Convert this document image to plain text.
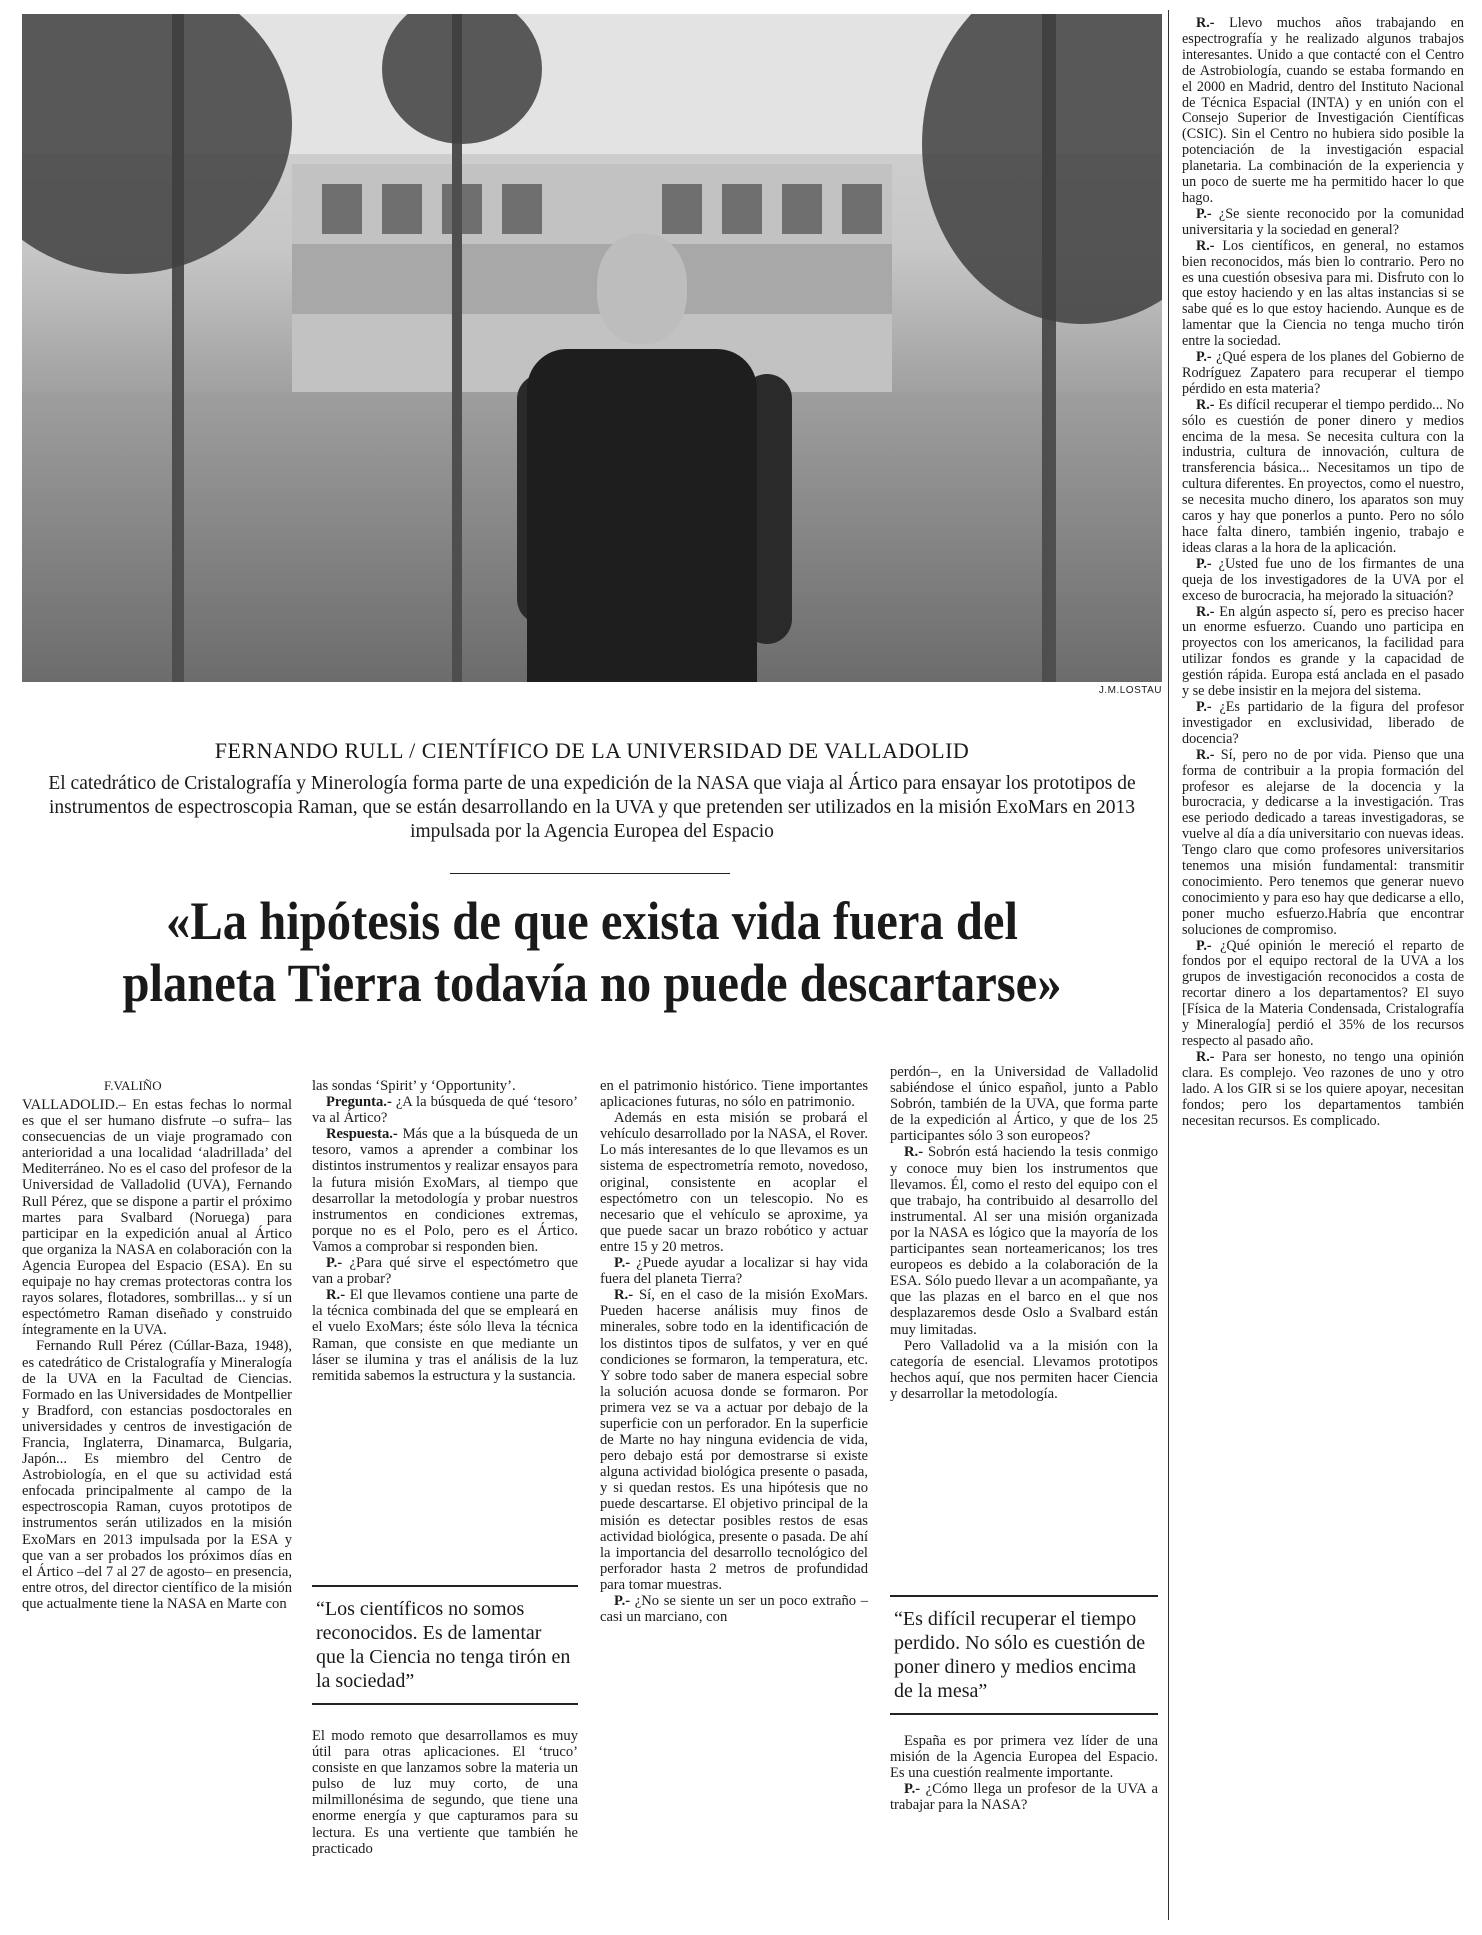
J.M.LOSTAU
FERNANDO RULL / CIENTÍFICO DE LA UNIVERSIDAD DE VALLADOLID
El catedrático de Cristalografía y Minerología forma parte de una expedición de la NASA que viaja al Ártico para ensayar los prototipos de instrumentos de espectroscopia Raman, que se están desarrollando en la UVA y que pretenden ser utilizados en la misión ExoMars en 2013 impulsada por la Agencia Europea del Espacio
«La hipótesis de que exista vida fuera del
planeta Tierra todavía no puede descartarse»
F.VALIÑO

VALLADOLID.– En estas fechas lo normal es que el ser humano disfrute –o sufra– las consecuencias de un viaje programado con anterioridad a una localidad ‘aladrillada’ del Mediterráneo. No es el caso del profesor de la Universidad de Valladolid (UVA), Fernando Rull Pérez, que se dispone a partir el próximo martes para Svalbard (Noruega) para participar en la expedición anual al Ártico que organiza la NASA en colaboración con la Agencia Europea del Espacio (ESA). En su equipaje no hay cremas protectoras contra los rayos solares, flotadores, sombrillas... y sí un espectómetro Raman diseñado y construido íntegramente en la UVA.

Fernando Rull Pérez (Cúllar-Baza, 1948), es catedrático de Cristalografía y Mineralogía de la UVA en la Facultad de Ciencias. Formado en las Universidades de Montpellier y Bradford, con estancias posdoctorales en universidades y centros de investigación de Francia, Inglaterra, Dinamarca, Bulgaria, Japón... Es miembro del Centro de Astrobiología, en el que su actividad está enfocada principalmente al campo de la espectroscopia Raman, cuyos prototipos de instrumentos serán utilizados en la misión ExoMars en 2013 impulsada por la ESA y que van a ser probados los próximos días en el Ártico –del 7 al 27 de agosto– en presencia, entre otros, del director científico de la misión que actualmente tiene la NASA en Marte con

las sondas ‘Spirit’ y ‘Opportunity’.

Pregunta.- ¿A la búsqueda de qué ‘tesoro’ va al Ártico?

Respuesta.- Más que a la búsqueda de un tesoro, vamos a aprender a combinar los distintos instrumentos y realizar ensayos para la futura misión ExoMars, al tiempo que desarrollar la metodología y probar nuestros instrumentos en condiciones extremas, porque no es el Polo, pero es el Ártico. Vamos a comprobar si responden bien.

P.- ¿Para qué sirve el espectómetro que van a probar?

R.- El que llevamos contiene una parte de la técnica combinada del que se empleará en el vuelo ExoMars; éste sólo lleva la técnica Raman, que consiste en que mediante un láser se ilumina y tras el análisis de la luz remitida sabemos la estructura y la sustancia.

“Los científicos no somos reconocidos. Es de lamentar que la Ciencia no tenga tirón en la sociedad”

El modo remoto que desarrollamos es muy útil para otras aplicaciones. El ‘truco’ consiste en que lanzamos sobre la materia un pulso de luz muy corto, de una milmillonésima de segundo, que tiene una enorme energía y que capturamos para su lectura. Es una vertiente que también he practicado

en el patrimonio histórico. Tiene importantes aplicaciones futuras, no sólo en patrimonio.

Además en esta misión se probará el vehículo desarrollado por la NASA, el Rover. Lo más interesantes de lo que llevamos es un sistema de espectrometría remoto, novedoso, original, consistente en acoplar el espectómetro con un telescopio. No es necesario que el vehículo se aproxime, ya que puede sacar un brazo robótico y actuar entre 15 y 20 metros.

P.- ¿Puede ayudar a localizar si hay vida fuera del planeta Tierra?

R.- Sí, en el caso de la misión ExoMars. Pueden hacerse análisis muy finos de minerales, sobre todo en la identificación de los distintos tipos de sulfatos, y ver en qué condiciones se formaron, la temperatura, etc. Y sobre todo saber de manera especial sobre la solución acuosa donde se formaron. Por primera vez se va a actuar por debajo de la superficie con un perforador. En la superficie de Marte no hay ninguna evidencia de vida, pero debajo está por demostrarse si existe alguna actividad biológica presente o pasada, y si quedan restos. Es una hipótesis que no puede descartarse. El objetivo principal de la misión es detectar posibles restos de esas actividad biológica, presente o pasada. De ahí la importancia del desarrollo tecnológico del perforador hasta 2 metros de profundidad para tomar muestras.

P.- ¿No se siente un ser un poco extraño –casi un marciano, con

perdón–, en la Universidad de Valladolid sabiéndose el único español, junto a Pablo Sobrón, también de la UVA, que forma parte de la expedición al Ártico, y que de los 25 participantes sólo 3 son europeos?

R.- Sobrón está haciendo la tesis conmigo y conoce muy bien los instrumentos que llevamos. Él, como el resto del equipo con el que trabajo, ha contribuido al desarrollo del instrumental. Al ser una misión organizada por la NASA es lógico que la mayoría de los participantes sean norteamericanos; los tres europeos es debido a la colaboración de la ESA. Sólo puedo llevar a un acompañante, ya que las plazas en el barco en el que nos desplazaremos desde Oslo a Svalbard están muy limitadas.

Pero Valladolid va a la misión con la categoría de esencial. Llevamos prototipos hechos aquí, que nos permiten hacer Ciencia y desarrollar la metodología.

“Es difícil recuperar el tiempo perdido. No sólo es cuestión de poner dinero y medios encima de la mesa”

España es por primera vez líder de una misión de la Agencia Europea del Espacio. Es una cuestión realmente importante.

P.- ¿Cómo llega un profesor de la UVA a trabajar para la NASA?

R.- Llevo muchos años trabajando en espectrografía y he realizado algunos trabajos interesantes. Unido a que contacté con el Centro de Astrobiología, cuando se estaba formando en el 2000 en Madrid, dentro del Instituto Nacional de Técnica Espacial (INTA) y en unión con el Consejo Superior de Investigación Científicas (CSIC). Sin el Centro no hubiera sido posible la potenciación de la investigación espacial planetaria. La combinación de la experiencia y un poco de suerte me ha permitido hacer lo que hago.

P.- ¿Se siente reconocido por la comunidad universitaria y la sociedad en general?

R.- Los científicos, en general, no estamos bien reconocidos, más bien lo contrario. Pero no es una cuestión obsesiva para mi. Disfruto con lo que estoy haciendo y en las altas instancias si se sabe qué es lo que estoy haciendo. Aunque es de lamentar que la Ciencia no tenga mucho tirón entre la sociedad.

P.- ¿Qué espera de los planes del Gobierno de Rodríguez Zapatero para recuperar el tiempo pérdido en esta materia?

R.- Es difícil recuperar el tiempo perdido... No sólo es cuestión de poner dinero y medios encima de la mesa. Se necesita cultura con la industria, cultura de innovación, cultura de transferencia básica... Necesitamos un tipo de cultura diferentes. En proyectos, como el nuestro, se necesita mucho dinero, los aparatos son muy caros y hay que ponerlos a punto. Pero no sólo hace falta dinero, también ingenio, trabajo e ideas claras a la hora de la aplicación.

P.- ¿Usted fue uno de los firmantes de una queja de los investigadores de la UVA por el exceso de burocracia, ha mejorado la situación?

R.- En algún aspecto sí, pero es preciso hacer un enorme esfuerzo. Cuando uno participa en proyectos con los americanos, la facilidad para utilizar fondos es grande y la capacidad de gestión rápida. Europa está anclada en el pasado y se debe insistir en la mejora del sistema.

P.- ¿Es partidario de la figura del profesor investigador en exclusividad, liberado de docencia?

R.- Sí, pero no de por vida. Pienso que una forma de contribuir a la propia formación del profesor es alejarse de la docencia y la burocracia, y dedicarse a la investigación. Tras ese periodo dedicado a tareas investigadoras, se vuelve al día a día universitario con nuevas ideas. Tengo claro que como profesores universitarios tenemos una misión fundamental: transmitir conocimiento. Pero tenemos que generar nuevo conocimiento y para eso hay que dedicarse a ello, poner mucho esfuerzo.Habría que encontrar soluciones de compromiso.

P.- ¿Qué opinión le mereció el reparto de fondos por el equipo rectoral de la UVA a los grupos de investigación reconocidos a costa de recortar dinero a los departamentos? El suyo [Física de la Materia Condensada, Cristalografía y Mineralogía] perdió el 35% de los recursos respecto al pasado año.

R.- Para ser honesto, no tengo una opinión clara. Es complejo. Veo razones de uno y otro lado. A los GIR si se los quiere apoyar, necesitan fondos; pero los departamentos también necesitan recursos. Es complicado.
